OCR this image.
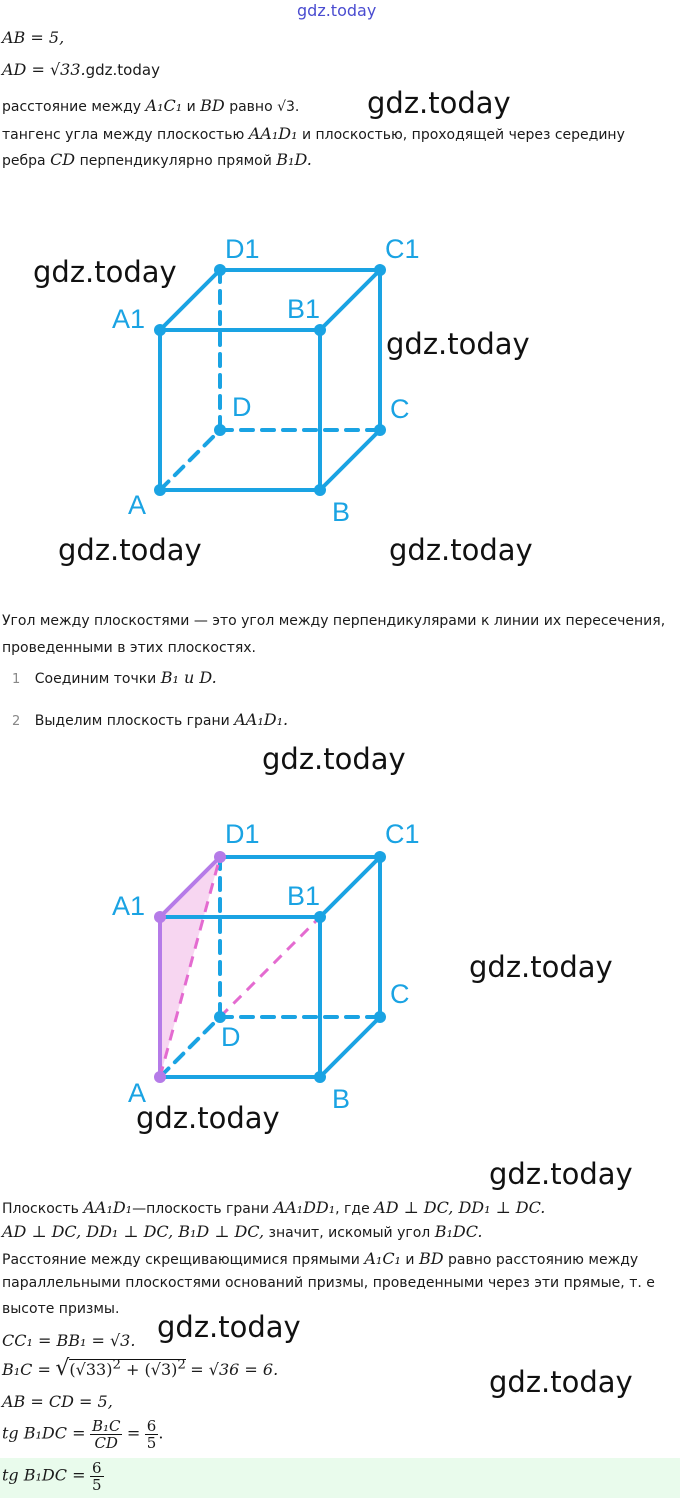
gdz.today
AB = 5,
AD = √33.gdz.today
расстояние между A₁C₁ и BD равно √3.
тангенс угла между плоскостью AA₁D₁ и плоскостью, проходящей через середину
ребра CD перпендикулярно прямой B₁D.
D1	C1
A1	B1
D	C
A	B
Угол между плоскостями — это угол между перпендикулярами к линии их пересечения,
проведенными в этих плоскостях.
1 Соединим точки B₁ и D.
2 Выделим плоскость грани AA₁D₁.
D1	C1
A1	B1
D
C
A	B
Плоскость AA₁D₁—плоскость грани AA₁DD₁, где AD ⊥ DC, DD₁ ⊥ DC.
AD ⊥ DC, DD₁ ⊥ DC, B₁D ⊥ DC, значит, искомый угол B₁DC.
Расстояние между скрещивающимися прямыми A₁C₁ и BD равно расстоянию между
параллельными плоскостями оснований призмы, проведенными через эти прямые, т. е
высоте призмы.
CC₁ = BB₁ = √3.
$B_1C = √(√33)^2 + (√3)^2 = √36 = 6$.
AB = CD = 5,
tg $B_1DC = \frac{\text{B₁C}}{CD} = \frac{6}{5}$ .
tg $B_1DC = \frac{6}{5}$
gdz.today
gdz.today
gdz.today
gdz.today	gdz.today
gdz.today
gdz.today
gdz.today
gdz.today
gdz.today
gdz.today
